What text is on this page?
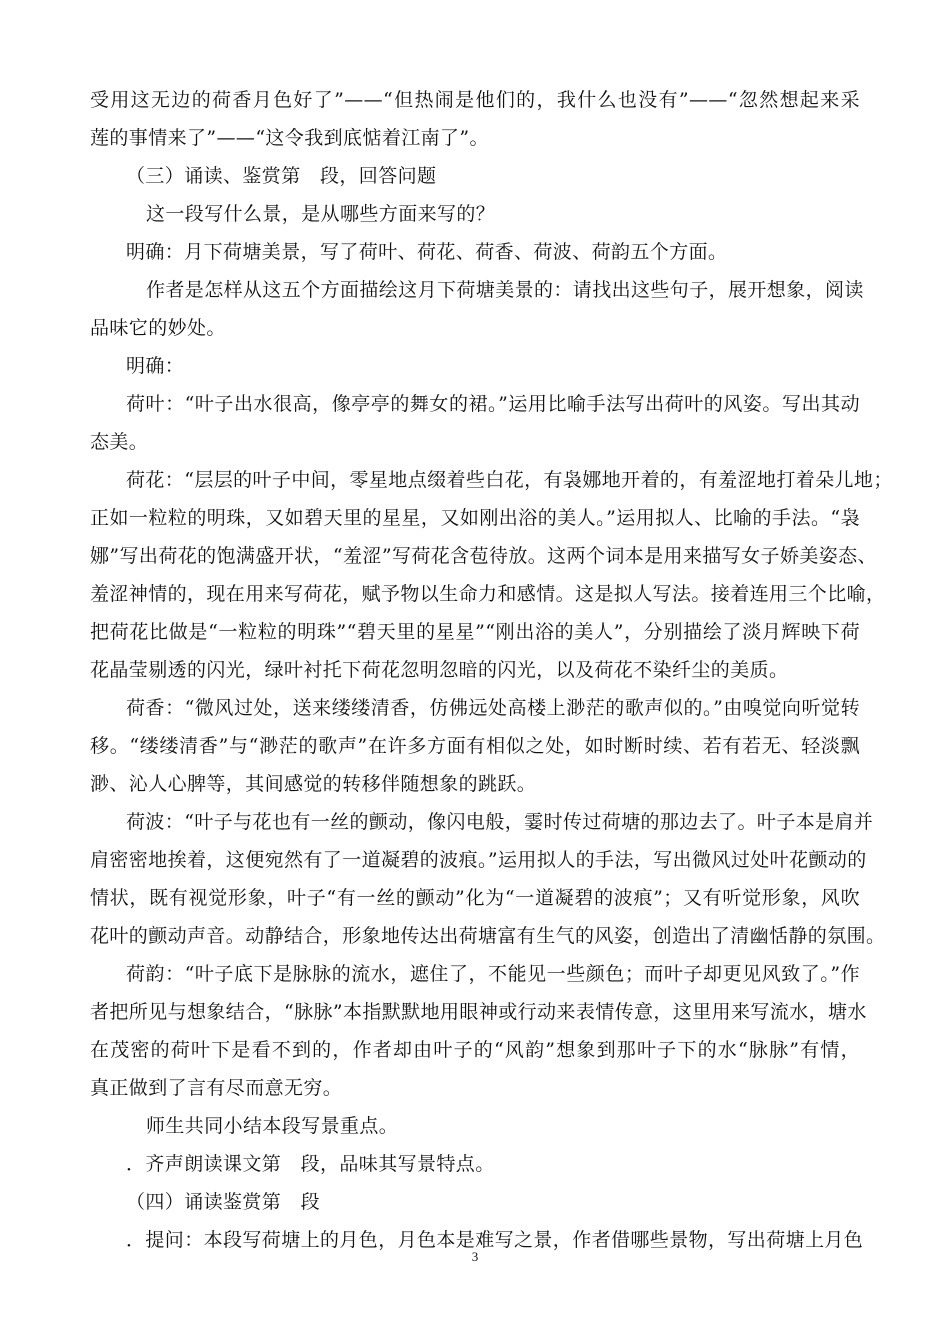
受用这无边的荷香月色好了”——“但热闹是他们的，我什么也没有”——“忽然想起来采
莲的事情来了”——“这令我到底惦着江南了”。
（三）诵读、鉴赏第　段，回答问题
这一段写什么景，是从哪些方面来写的？
明确：月下荷塘美景，写了荷叶、荷花、荷香、荷波、荷韵五个方面。
作者是怎样从这五个方面描绘这月下荷塘美景的：请找出这些句子，展开想象，阅读
品味它的妙处。
明确：
荷叶：“叶子出水很高，像亭亭的舞女的裙。”运用比喻手法写出荷叶的风姿。写出其动
态美。
荷花：“层层的叶子中间，零星地点缀着些白花，有袅娜地开着的，有羞涩地打着朵儿地；
正如一粒粒的明珠，又如碧天里的星星，又如刚出浴的美人。”运用拟人、比喻的手法。“袅
娜”写出荷花的饱满盛开状，“羞涩”写荷花含苞待放。这两个词本是用来描写女子娇美姿态、
羞涩神情的，现在用来写荷花，赋予物以生命力和感情。这是拟人写法。接着连用三个比喻，
把荷花比做是“一粒粒的明珠”“碧天里的星星”“刚出浴的美人”，分别描绘了淡月辉映下荷
花晶莹剔透的闪光，绿叶衬托下荷花忽明忽暗的闪光，以及荷花不染纤尘的美质。
荷香：“微风过处，送来缕缕清香，仿佛远处高楼上渺茫的歌声似的。”由嗅觉向听觉转
移。“缕缕清香”与“渺茫的歌声”在许多方面有相似之处，如时断时续、若有若无、轻淡飘
渺、沁人心脾等，其间感觉的转移伴随想象的跳跃。
荷波：“叶子与花也有一丝的颤动，像闪电般，霎时传过荷塘的那边去了。叶子本是肩并
肩密密地挨着，这便宛然有了一道凝碧的波痕。”运用拟人的手法，写出微风过处叶花颤动的
情状，既有视觉形象，叶子“有一丝的颤动”化为“一道凝碧的波痕”；又有听觉形象，风吹
花叶的颤动声音。动静结合，形象地传达出荷塘富有生气的风姿，创造出了清幽恬静的氛围。
荷韵：“叶子底下是脉脉的流水，遮住了，不能见一些颜色；而叶子却更见风致了。”作
者把所见与想象结合，“脉脉”本指默默地用眼神或行动来表情传意，这里用来写流水，塘水
在茂密的荷叶下是看不到的，作者却由叶子的“风韵”想象到那叶子下的水“脉脉”有情，
真正做到了言有尽而意无穷。
师生共同小结本段写景重点。
．齐声朗读课文第　段，品味其写景特点。
（四）诵读鉴赏第　段
．提问：本段写荷塘上的月色，月色本是难写之景，作者借哪些景物，写出荷塘上月色
3
